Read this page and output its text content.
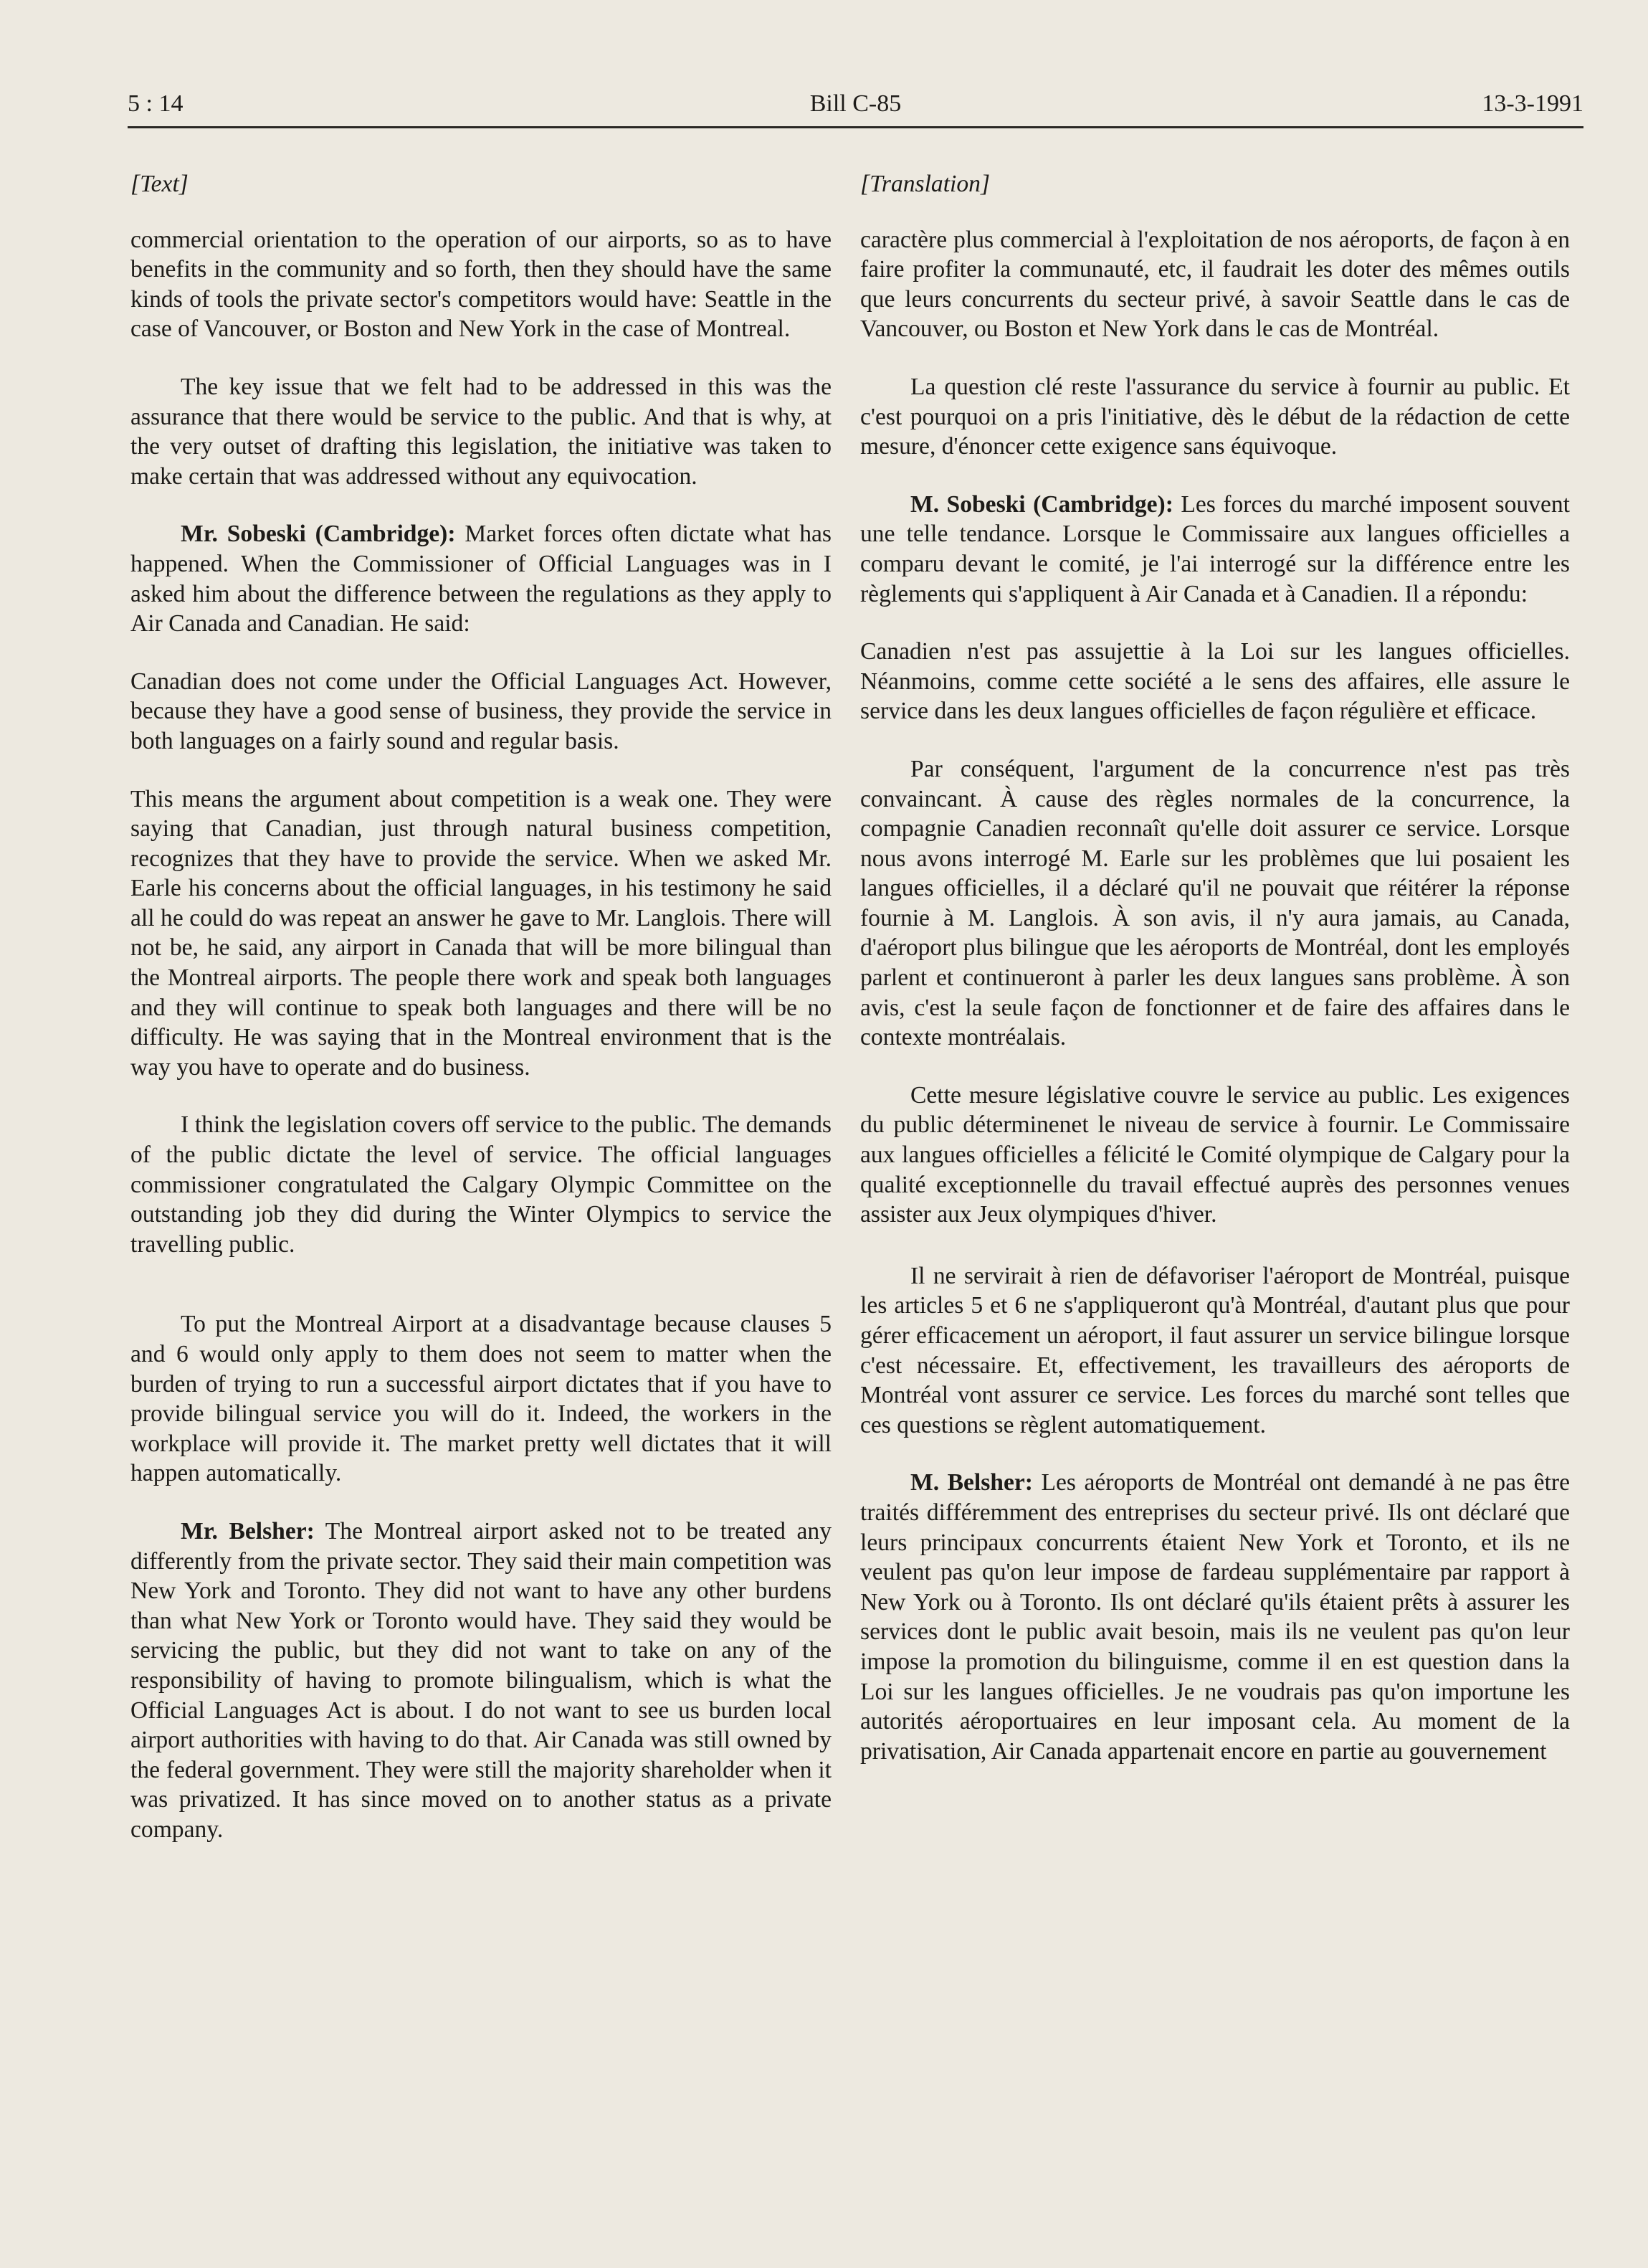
5 : 14	Bill C-85	13-3-1991
[Text]

commercial orientation to the operation of our airports, so as to have benefits in the community and so forth, then they should have the same kinds of tools the private sector's competitors would have: Seattle in the case of Vancouver, or Boston and New York in the case of Montreal.

The key issue that we felt had to be addressed in this was the assurance that there would be service to the public. And that is why, at the very outset of drafting this legislation, the initiative was taken to make certain that was addressed without any equivocation.

Mr. Sobeski (Cambridge): Market forces often dictate what has happened. When the Commissioner of Official Languages was in I asked him about the difference between the regulations as they apply to Air Canada and Canadian. He said:

Canadian does not come under the Official Languages Act. However, because they have a good sense of business, they provide the service in both languages on a fairly sound and regular basis.

This means the argument about competition is a weak one. They were saying that Canadian, just through natural business competition, recognizes that they have to provide the service. When we asked Mr. Earle his concerns about the official languages, in his testimony he said all he could do was repeat an answer he gave to Mr. Langlois. There will not be, he said, any airport in Canada that will be more bilingual than the Montreal airports. The people there work and speak both languages and they will continue to speak both languages and there will be no difficulty. He was saying that in the Montreal environment that is the way you have to operate and do business.

I think the legislation covers off service to the public. The demands of the public dictate the level of service. The official languages commissioner congratulated the Calgary Olympic Committee on the outstanding job they did during the Winter Olympics to service the travelling public.

To put the Montreal Airport at a disadvantage because clauses 5 and 6 would only apply to them does not seem to matter when the burden of trying to run a successful airport dictates that if you have to provide bilingual service you will do it. Indeed, the workers in the workplace will provide it. The market pretty well dictates that it will happen automatically.

Mr. Belsher: The Montreal airport asked not to be treated any differently from the private sector. They said their main competition was New York and Toronto. They did not want to have any other burdens than what New York or Toronto would have. They said they would be servicing the public, but they did not want to take on any of the responsibility of having to promote bilingualism, which is what the Official Languages Act is about. I do not want to see us burden local airport authorities with having to do that. Air Canada was still owned by the federal government. They were still the majority shareholder when it was privatized. It has since moved on to another status as a private company.

[Translation]

caractère plus commercial à l'exploitation de nos aéroports, de façon à en faire profiter la communauté, etc, il faudrait les doter des mêmes outils que leurs concurrents du secteur privé, à savoir Seattle dans le cas de Vancouver, ou Boston et New York dans le cas de Montréal.

La question clé reste l'assurance du service à fournir au public. Et c'est pourquoi on a pris l'initiative, dès le début de la rédaction de cette mesure, d'énoncer cette exigence sans équivoque.

M. Sobeski (Cambridge): Les forces du marché imposent souvent une telle tendance. Lorsque le Commissaire aux langues officielles a comparu devant le comité, je l'ai interrogé sur la différence entre les règlements qui s'appliquent à Air Canada et à Canadien. Il a répondu:

Canadien n'est pas assujettie à la Loi sur les langues officielles. Néanmoins, comme cette société a le sens des affaires, elle assure le service dans les deux langues officielles de façon régulière et efficace.

Par conséquent, l'argument de la concurrence n'est pas très convaincant. À cause des règles normales de la concurrence, la compagnie Canadien reconnaît qu'elle doit assurer ce service. Lorsque nous avons interrogé M. Earle sur les problèmes que lui posaient les langues officielles, il a déclaré qu'il ne pouvait que réitérer la réponse fournie à M. Langlois. À son avis, il n'y aura jamais, au Canada, d'aéroport plus bilingue que les aéroports de Montréal, dont les employés parlent et continueront à parler les deux langues sans problème. À son avis, c'est la seule façon de fonctionner et de faire des affaires dans le contexte montréalais.

Cette mesure législative couvre le service au public. Les exigences du public déterminenet le niveau de service à fournir. Le Commissaire aux langues officielles a félicité le Comité olympique de Calgary pour la qualité exceptionnelle du travail effectué auprès des personnes venues assister aux Jeux olympiques d'hiver.

Il ne servirait à rien de défavoriser l'aéroport de Montréal, puisque les articles 5 et 6 ne s'appliqueront qu'à Montréal, d'autant plus que pour gérer efficacement un aéroport, il faut assurer un service bilingue lorsque c'est nécessaire. Et, effectivement, les travailleurs des aéroports de Montréal vont assurer ce service. Les forces du marché sont telles que ces questions se règlent automatiquement.

M. Belsher: Les aéroports de Montréal ont demandé à ne pas être traités différemment des entreprises du secteur privé. Ils ont déclaré que leurs principaux concurrents étaient New York et Toronto, et ils ne veulent pas qu'on leur impose de fardeau supplémentaire par rapport à New York ou à Toronto. Ils ont déclaré qu'ils étaient prêts à assurer les services dont le public avait besoin, mais ils ne veulent pas qu'on leur impose la promotion du bilinguisme, comme il en est question dans la Loi sur les langues officielles. Je ne voudrais pas qu'on importune les autorités aéroportuaires en leur imposant cela. Au moment de la privatisation, Air Canada appartenait encore en partie au gouvernement
